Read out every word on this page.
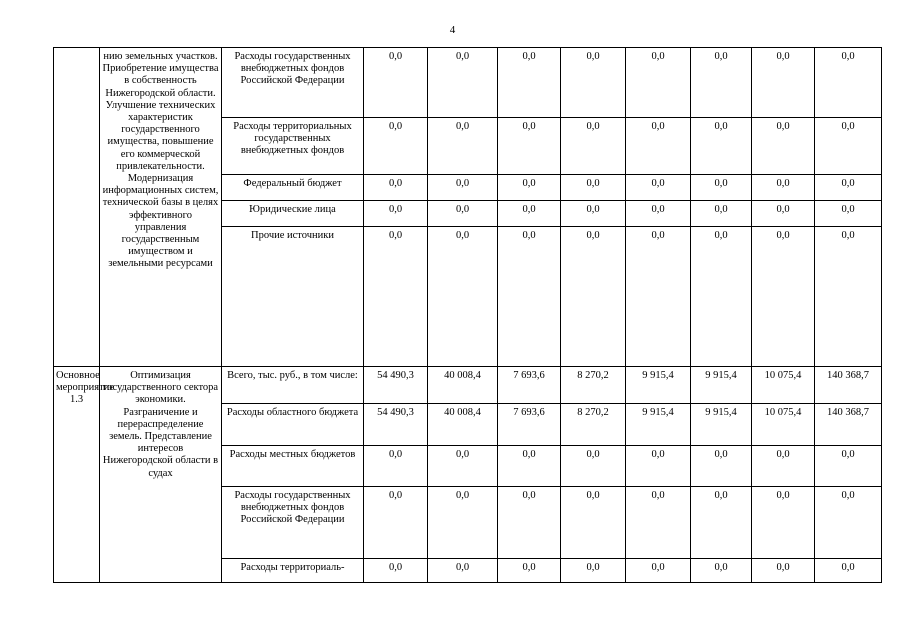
4
	нию земельных участков. Приобретение имущества в собственность Нижегородской области. Улучшение технических характеристик государственного имущества, повышение его коммерческой привлекательности. Модернизация информационных систем, технической базы в целях эффективного управления государственным имуществом и земельными ресурсами	Расходы государственных внебюджетных фондов Российской Федерации	0,0	0,0	0,0	0,0	0,0	0,0	0,0	0,0
		Расходы территориальных государственных внебюджетных фондов	0,0	0,0	0,0	0,0	0,0	0,0	0,0	0,0
		Федеральный бюджет	0,0	0,0	0,0	0,0	0,0	0,0	0,0	0,0
		Юридические лица	0,0	0,0	0,0	0,0	0,0	0,0	0,0	0,0
		Прочие источники	0,0	0,0	0,0	0,0	0,0	0,0	0,0	0,0
Основное мероприятие 1.3	Оптимизация государственного сектора экономики. Разграничение и перераспределение земель. Представление интересов Нижегородской области в судах	Всего, тыс. руб., в том числе:	54 490,3	40 008,4	7 693,6	8 270,2	9 915,4	9 915,4	10 075,4	140 368,7
		Расходы областного бюджета	54 490,3	40 008,4	7 693,6	8 270,2	9 915,4	9 915,4	10 075,4	140 368,7
		Расходы местных бюджетов	0,0	0,0	0,0	0,0	0,0	0,0	0,0	0,0
		Расходы государственных внебюджетных фондов Российской Федерации	0,0	0,0	0,0	0,0	0,0	0,0	0,0	0,0
		Расходы территориаль-	0,0	0,0	0,0	0,0	0,0	0,0	0,0	0,0
